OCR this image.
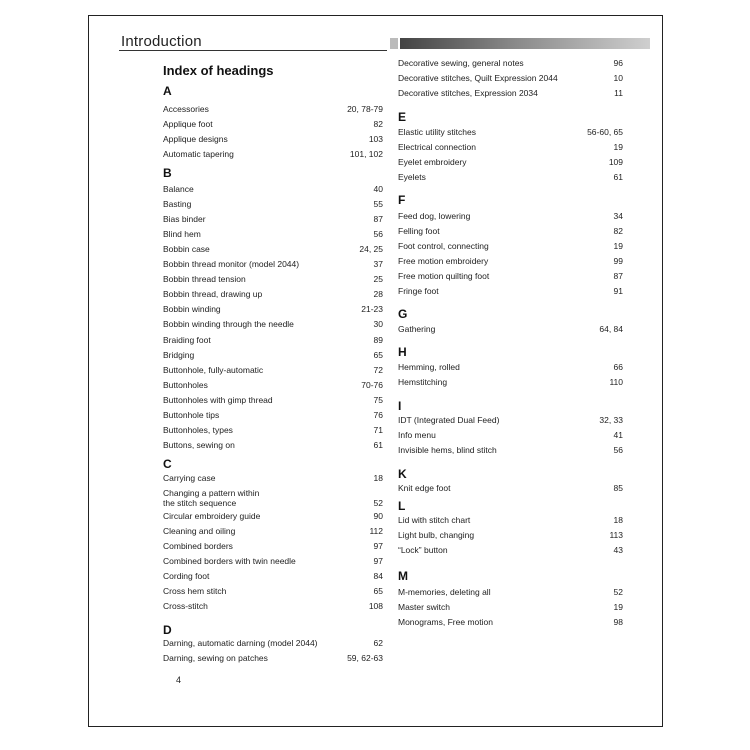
Introduction
Index of headings
A
Accessories	20, 78-79
Applique foot	82
Applique designs	103
Automatic tapering	101, 102
B
Balance	40
Basting	55
Bias binder	87
Blind hem	56
Bobbin case	24, 25
Bobbin thread monitor (model 2044)	37
Bobbin thread tension	25
Bobbin thread, drawing up	28
Bobbin winding	21-23
Bobbin winding through the needle	30
Braiding foot	89
Bridging	65
Buttonhole, fully-automatic	72
Buttonholes	70-76
Buttonholes with gimp thread	75
Buttonhole tips	76
Buttonholes, types	71
Buttons, sewing on	61
C
Carrying case	18
Changing a pattern within
the stitch sequence	52
Circular embroidery guide	90
Cleaning and oiling	112
Combined borders	97
Combined borders with twin needle	97
Cording foot	84
Cross hem stitch	65
Cross-stitch	108
D
Darning, automatic darning (model 2044)	62
Darning, sewing on patches	59, 62-63
Decorative sewing, general notes	96
Decorative stitches, Quilt Expression 2044	10
Decorative stitches, Expression 2034	11
E
Elastic utility stitches	56-60, 65
Electrical connection	19
Eyelet embroidery	109
Eyelets	61
F
Feed dog, lowering	34
Felling foot	82
Foot control, connecting	19
Free motion embroidery	99
Free motion quilting foot	87
Fringe foot	91
G
Gathering	64, 84
H
Hemming, rolled	66
Hemstitching	110
I
IDT (Integrated Dual Feed)	32, 33
Info menu	41
Invisible hems, blind stitch	56
K
Knit edge foot	85
L
Lid with stitch chart	18
Light bulb, changing	113
“Lock” button	43
M
M-memories, deleting all	52
Master switch	19
Monograms, Free motion	98
4
